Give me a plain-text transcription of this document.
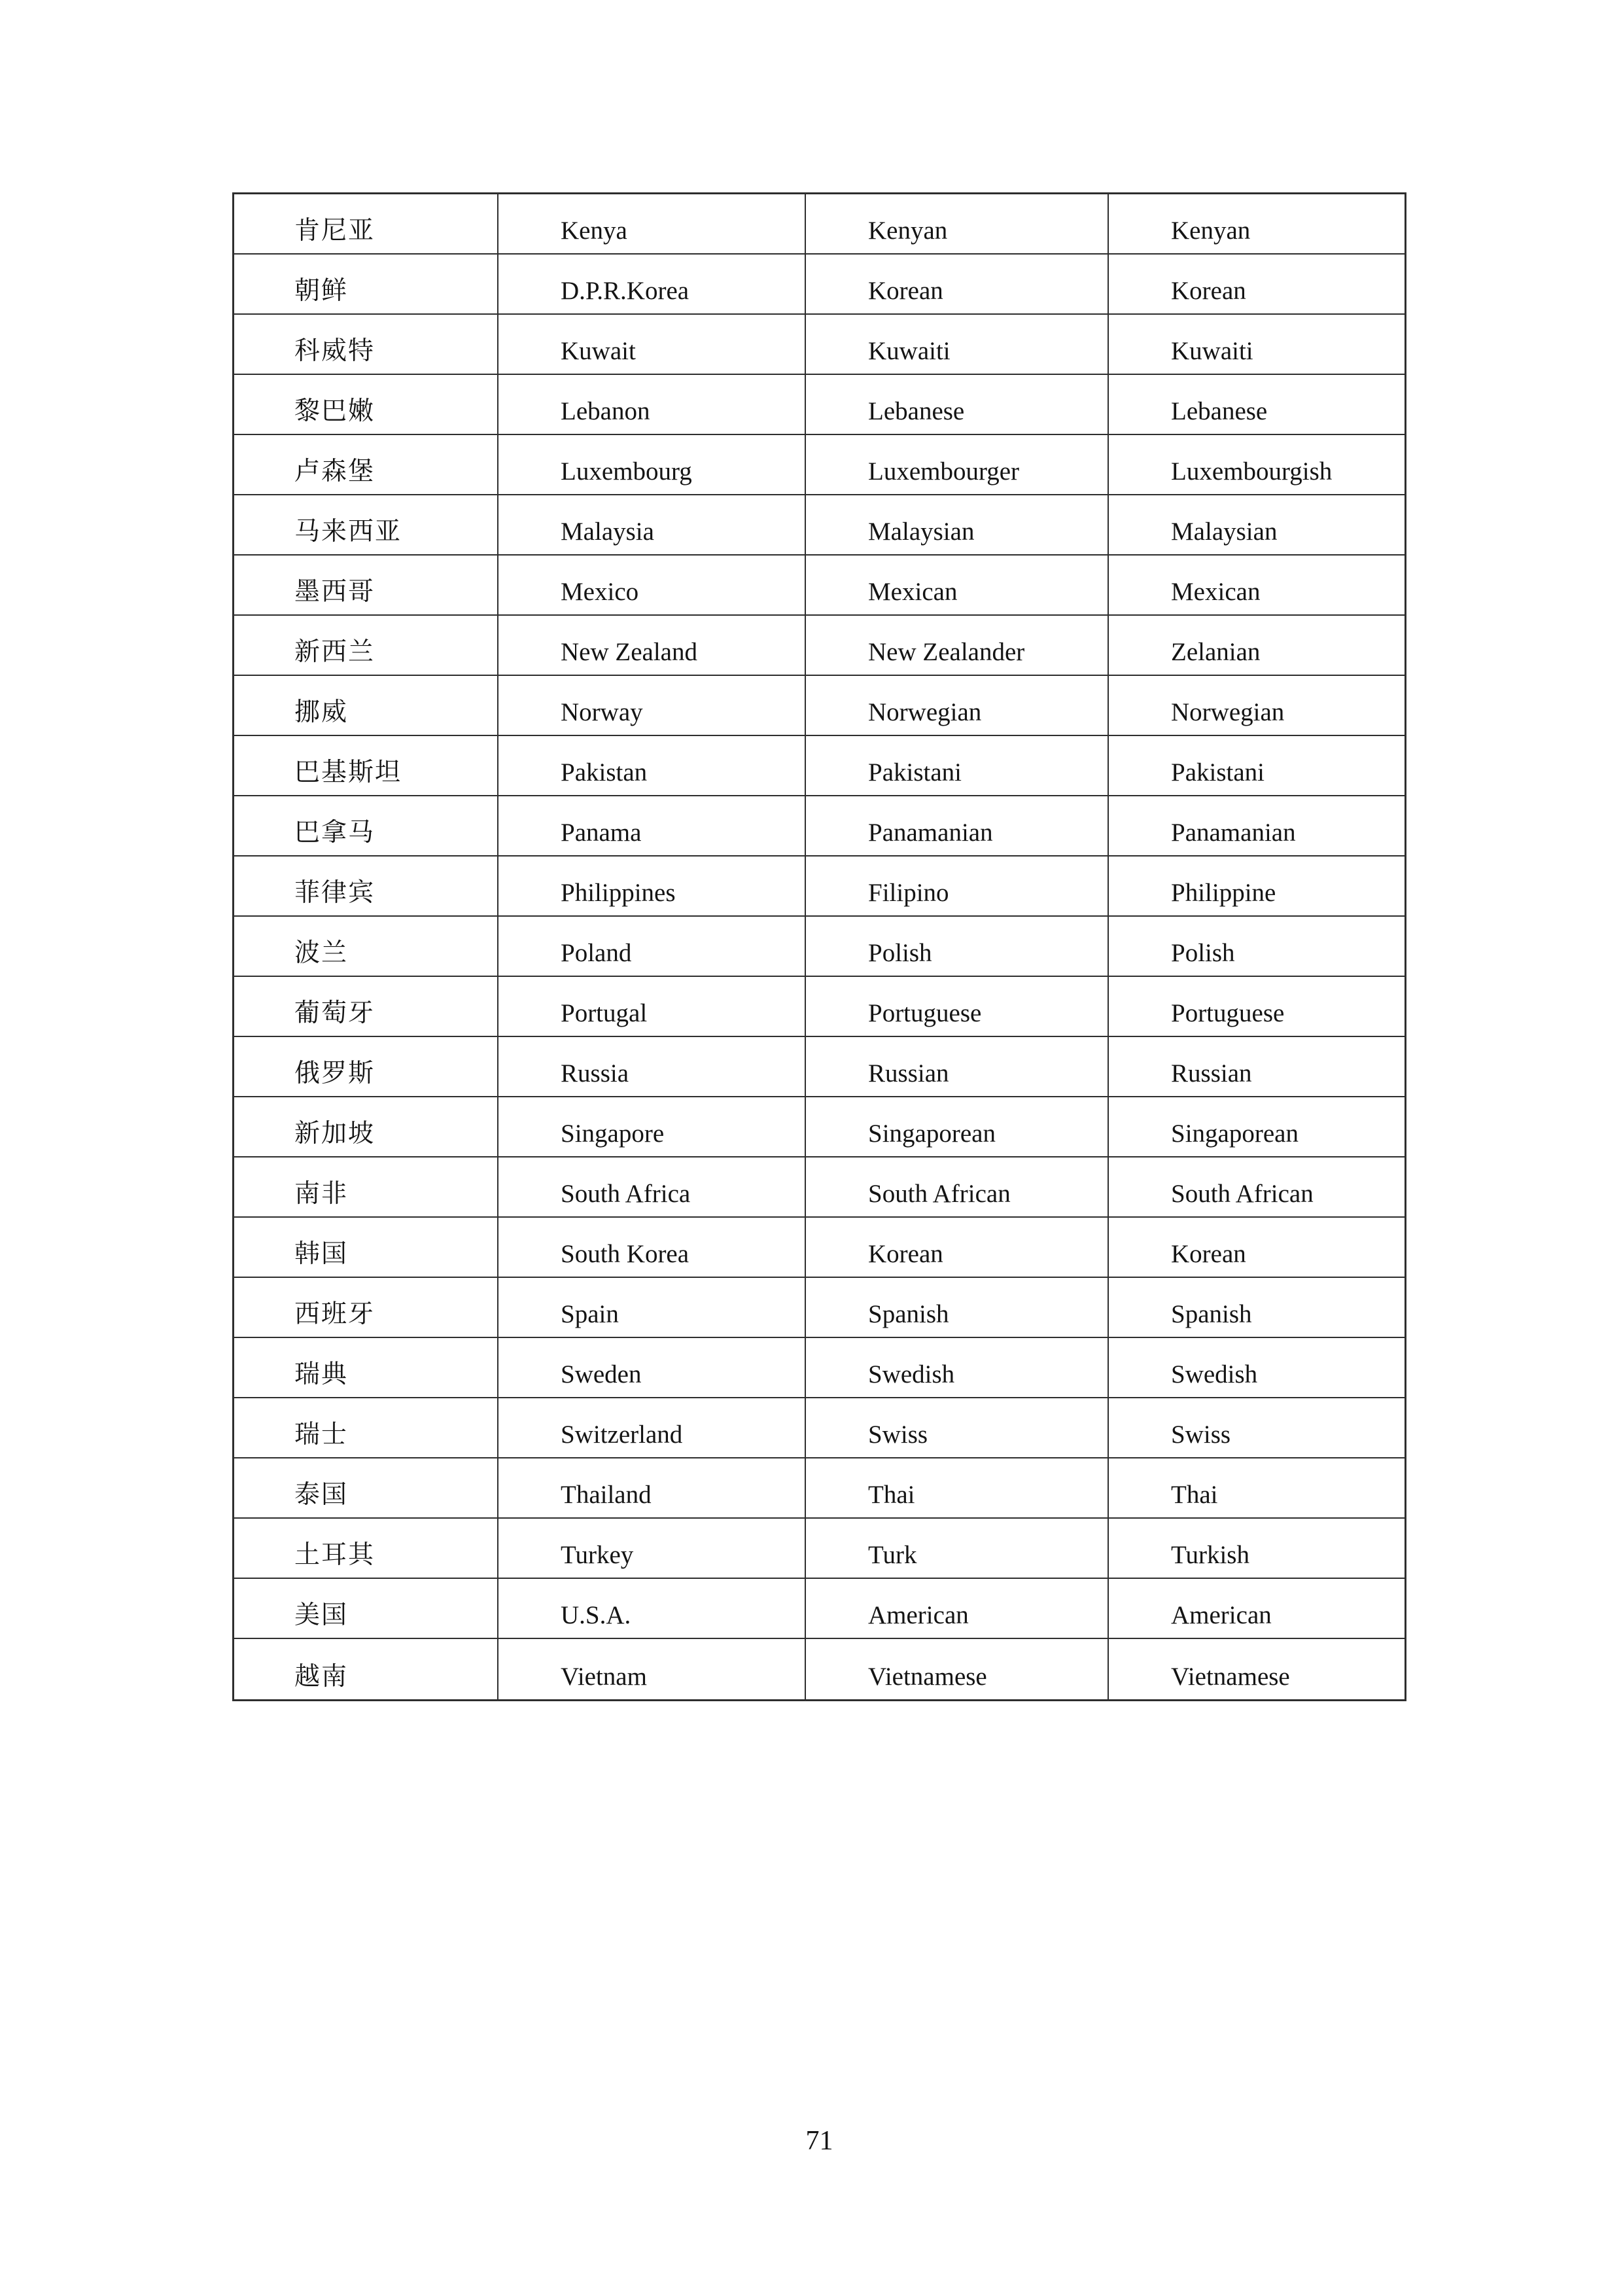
肯尼亚	Kenya	Kenyan	Kenyan
朝鲜	D.P.R.Korea	Korean	Korean
科威特	Kuwait	Kuwaiti	Kuwaiti
黎巴嫩	Lebanon	Lebanese	Lebanese
卢森堡	Luxembourg	Luxembourger	Luxembourgish
马来西亚	Malaysia	Malaysian	Malaysian
墨西哥	Mexico	Mexican	Mexican
新西兰	New Zealand	New Zealander	Zelanian
挪威	Norway	Norwegian	Norwegian
巴基斯坦	Pakistan	Pakistani	Pakistani
巴拿马	Panama	Panamanian	Panamanian
菲律宾	Philippines	Filipino	Philippine
波兰	Poland	Polish	Polish
葡萄牙	Portugal	Portuguese	Portuguese
俄罗斯	Russia	Russian	Russian
新加坡	Singapore	Singaporean	Singaporean
南非	South Africa	South African	South African
韩国	South Korea	Korean	Korean
西班牙	Spain	Spanish	Spanish
瑞典	Sweden	Swedish	Swedish
瑞士	Switzerland	Swiss	Swiss
泰国	Thailand	Thai	Thai
土耳其	Turkey	Turk	Turkish
美国	U.S.A.	American	American
越南	Vietnam	Vietnamese	Vietnamese
71
